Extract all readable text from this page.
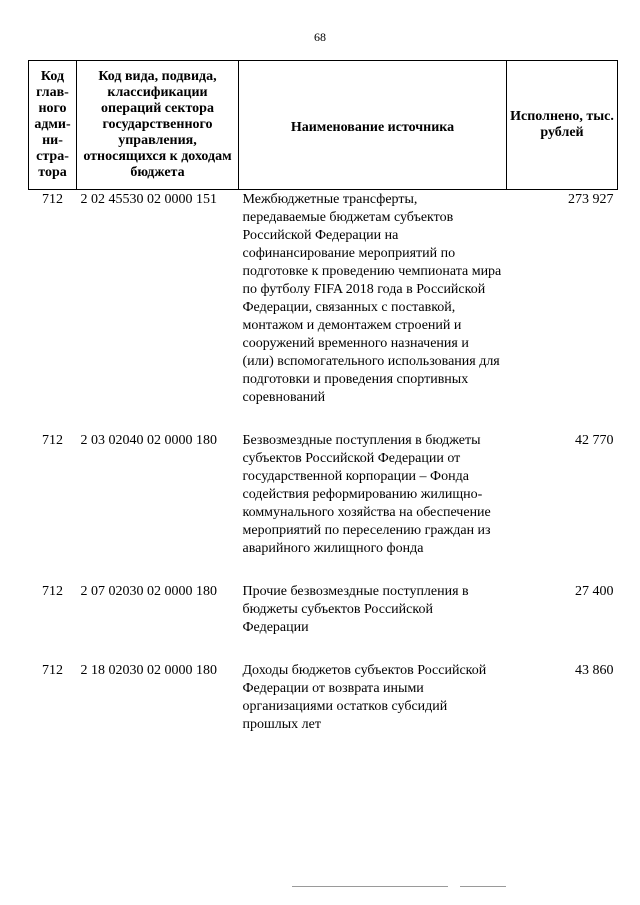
68
Код глав-ного адми-ни-стра-тора	Код вида, подвида, классификации операций сектора государственного управления, относящихся к доходам бюджета	Наименование источника	Исполнено, тыс. рублей
712	2 02 45530 02 0000 151	Межбюджетные трансферты, передаваемые бюджетам субъектов Российской Федерации на софинансирование мероприятий по подготовке к проведению чемпионата мира по футболу FIFA 2018 года в Российской Федерации, связанных с поставкой, монтажом и демонтажем строений и сооружений временного назначения и (или) вспомогательного использования для подготовки и проведения спортивных соревнований	273 927

712	2 03 02040 02 0000 180	Безвозмездные поступления в бюджеты субъектов Российской Федерации от государственной корпорации – Фонда содействия реформированию жилищно-коммунального хозяйства на обеспечение мероприятий по переселению граждан из аварийного жилищного фонда	42 770

712	2 07 02030 02 0000 180	Прочие безвозмездные поступления в бюджеты субъектов Российской Федерации	27 400

712	2 18 02030 02 0000 180	Доходы бюджетов субъектов Российской Федерации от возврата иными организациями остатков субсидий прошлых лет	43 860
